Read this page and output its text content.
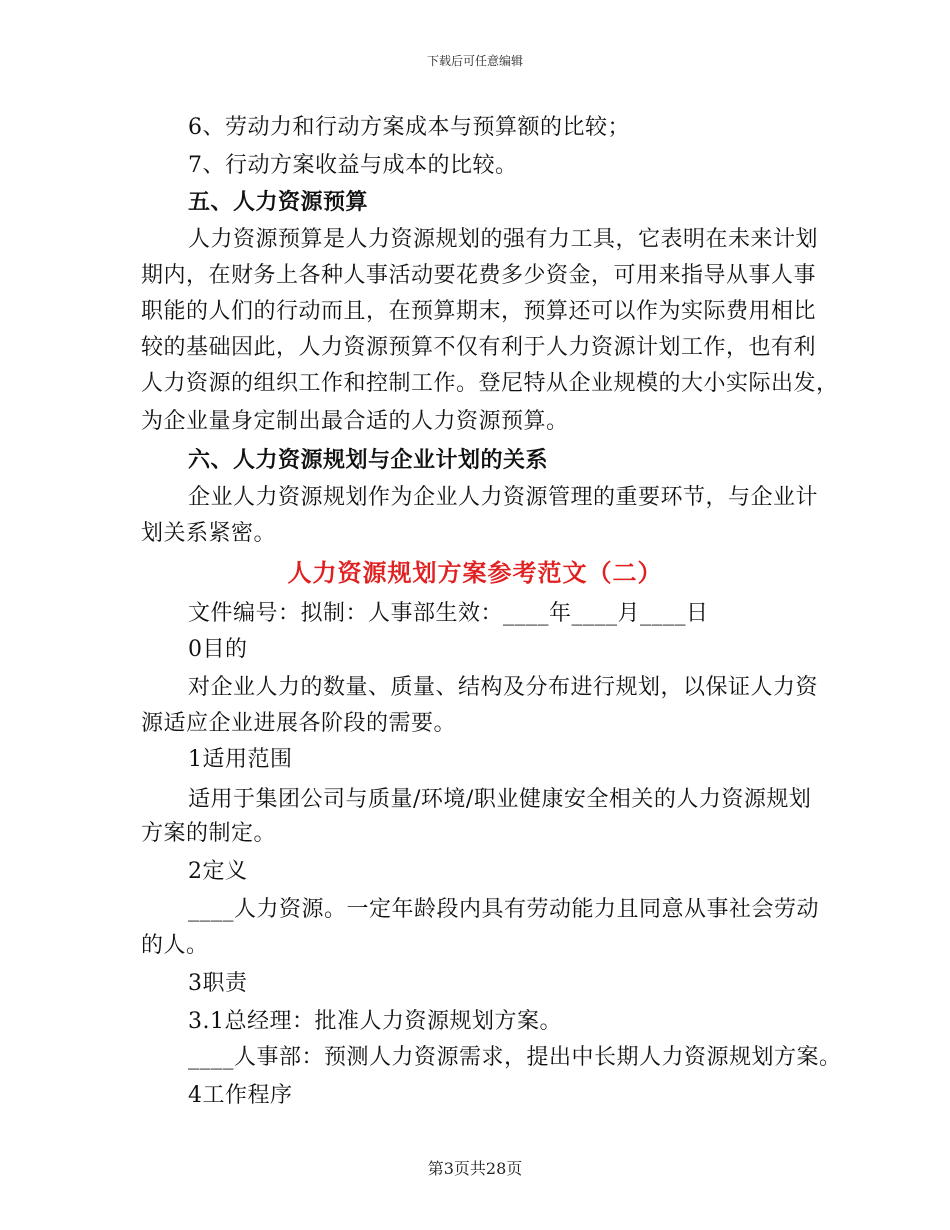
下载后可任意编辑
6、劳动力和行动方案成本与预算额的比较；
7、行动方案收益与成本的比较。
五、人力资源预算
人力资源预算是人力资源规划的强有力工具，它表明在未来计划
期内，在财务上各种人事活动要花费多少资金，可用来指导从事人事
职能的人们的行动而且，在预算期末，预算还可以作为实际费用相比
较的基础因此，人力资源预算不仅有利于人力资源计划工作，也有利
人力资源的组织工作和控制工作。登尼特从企业规模的大小实际出发，
为企业量身定制出最合适的人力资源预算。
六、人力资源规划与企业计划的关系
企业人力资源规划作为企业人力资源管理的重要环节，与企业计
划关系紧密。
人力资源规划方案参考范文（二）
文件编号：拟制：人事部生效：____年____月____日
0目的
对企业人力的数量、质量、结构及分布进行规划，以保证人力资
源适应企业进展各阶段的需要。
1适用范围
适用于集团公司与质量/环境/职业健康安全相关的人力资源规划
方案的制定。
2定义
____人力资源。一定年龄段内具有劳动能力且同意从事社会劳动
的人。
3职责
3.1总经理：批准人力资源规划方案。
____人事部：预测人力资源需求，提出中长期人力资源规划方案。
4工作程序
第3页共28页
